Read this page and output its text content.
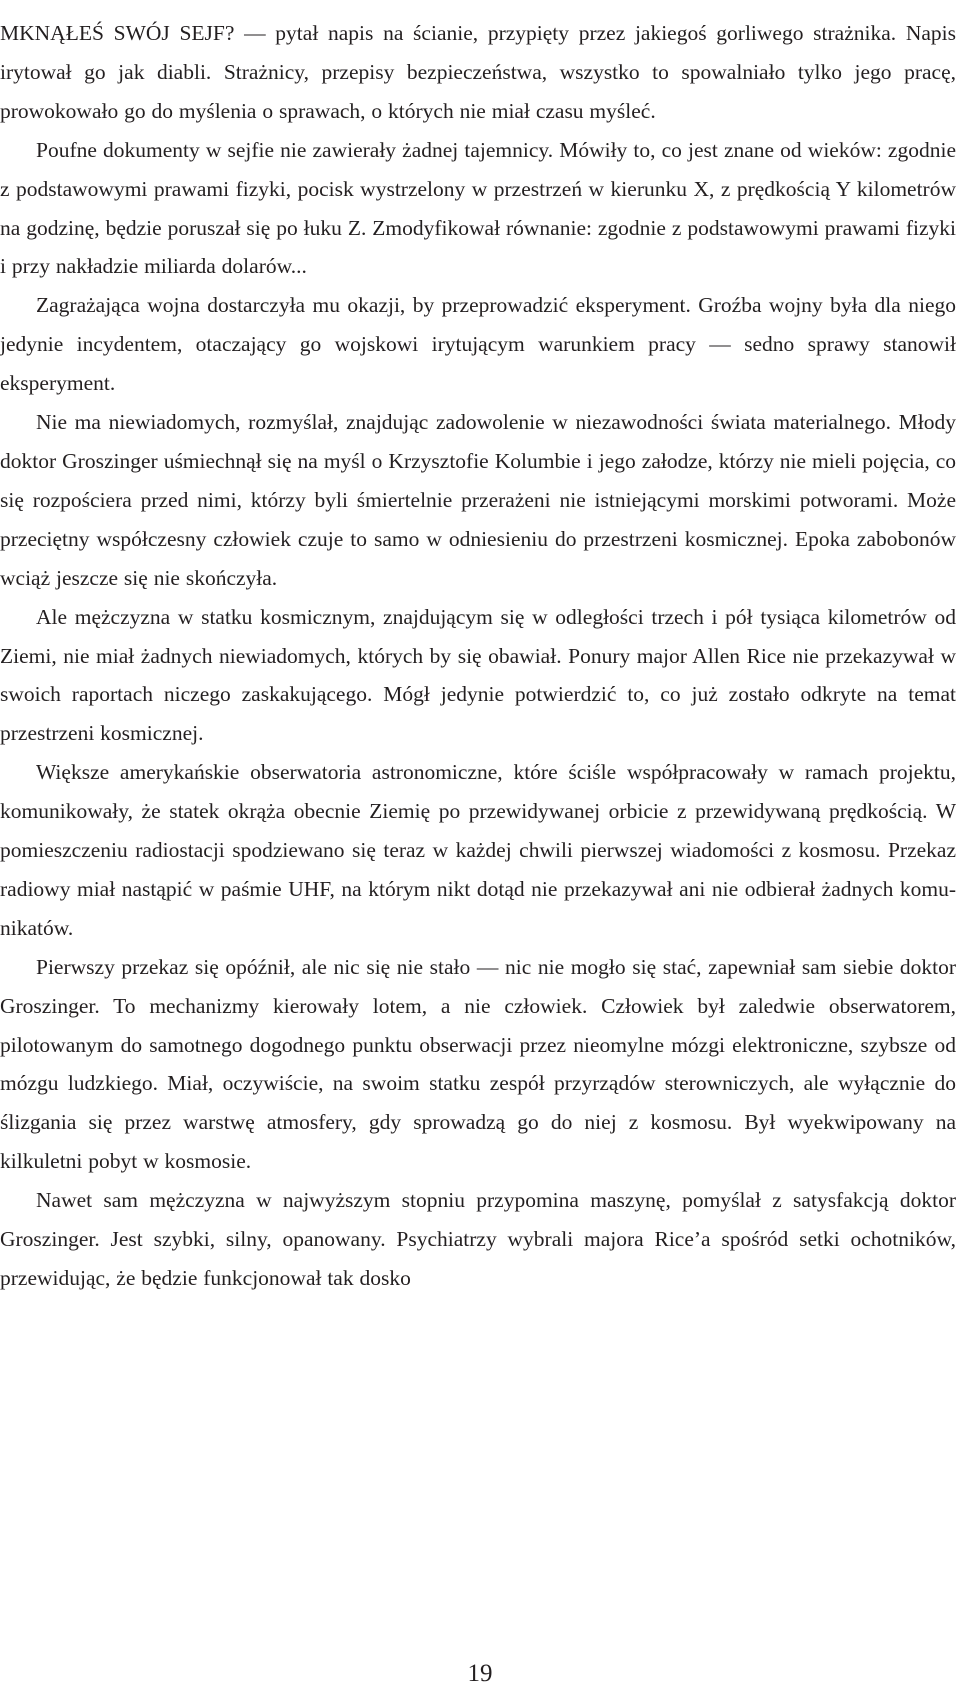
MKNĄŁEŚ SWÓJ SEJF? — pytał napis na ścianie, przypięty przez jakiegoś gorliwego strażnika. Napis irytował go jak diabli. Strażnicy, przepisy bezpieczeństwa, wszystko to spowalniało tylko jego pracę, prowokowało go do myślenia o sprawach, o których nie miał czasu myśleć.

Poufne dokumenty w sejfie nie zawierały żadnej tajemnicy. Mówiły to, co jest znane od wieków: zgodnie z podstawowymi prawami fizyki, pocisk wystrzelony w przestrzeń w kierunku X, z prędkością Y kilometrów na godzinę, będzie poruszał się po łuku Z. Zmodyfikował równanie: zgodnie z podstawowymi prawami fizyki i przy nakładzie miliarda dolarów...

Zagrażająca wojna dostarczyła mu okazji, by przeprowadzić eksperyment. Groźba wojny była dla niego jedynie incydentem, otaczający go wojskowi irytującym warunkiem pracy — sedno sprawy stanowił eksperyment.

Nie ma niewiadomych, rozmyślał, znajdując zadowolenie w niezawodności świata materialnego. Młody doktor Groszinger uśmiechnął się na myśl o Krzysztofie Kolumbie i jego załodze, którzy nie mieli pojęcia, co się rozpościera przed nimi, którzy byli śmiertelnie przerażeni nie istniejącymi morskimi potworami. Może przeciętny współczesny człowiek czuje to samo w odniesieniu do przestrzeni kosmicznej. Epoka zabobonów wciąż jeszcze się nie skończyła.

Ale mężczyzna w statku kosmicznym, znajdującym się w odległości trzech i pół tysiąca kilometrów od Ziemi, nie miał żadnych niewiadomych, których by się obawiał. Ponury major Allen Rice nie przekazywał w swoich raportach niczego zaskakującego. Mógł jedynie potwierdzić to, co już zostało odkryte na temat przestrzeni kosmicznej.

Większe amerykańskie obserwatoria astronomiczne, które ściśle współpracowały w ramach projektu, komunikowały, że statek okrąża obecnie Ziemię po przewidywanej orbicie z przewidywaną prędkością. W pomieszczeniu radiostacji spodziewano się teraz w każdej chwili pierwszej wiadomości z kosmosu. Przekaz radiowy miał nastąpić w paśmie UHF, na którym nikt dotąd nie przekazywał ani nie odbierał żadnych komunikatów.

Pierwszy przekaz się opóźnił, ale nic się nie stało — nic nie mogło się stać, zapewniał sam siebie doktor Groszinger. To mechanizmy kierowały lotem, a nie człowiek. Człowiek był zaledwie obserwatorem, pilotowanym do samotnego dogodnego punktu obserwacji przez nieomylne mózgi elektroniczne, szybsze od mózgu ludzkiego. Miał, oczywiście, na swoim statku zespół przyrządów sterowniczych, ale wyłącznie do ślizgania się przez warstwę atmosfery, gdy sprowadzą go do niej z kosmosu. Był wyekwipowany na kilkuletni pobyt w kosmosie.

Nawet sam mężczyzna w najwyższym stopniu przypomina maszynę, pomyślał z satysfakcją doktor Groszinger. Jest szybki, silny, opanowany. Psychiatrzy wybrali majora Rice’a spośród setki ochotników, przewidując, że będzie funkcjonował tak dosko

19
